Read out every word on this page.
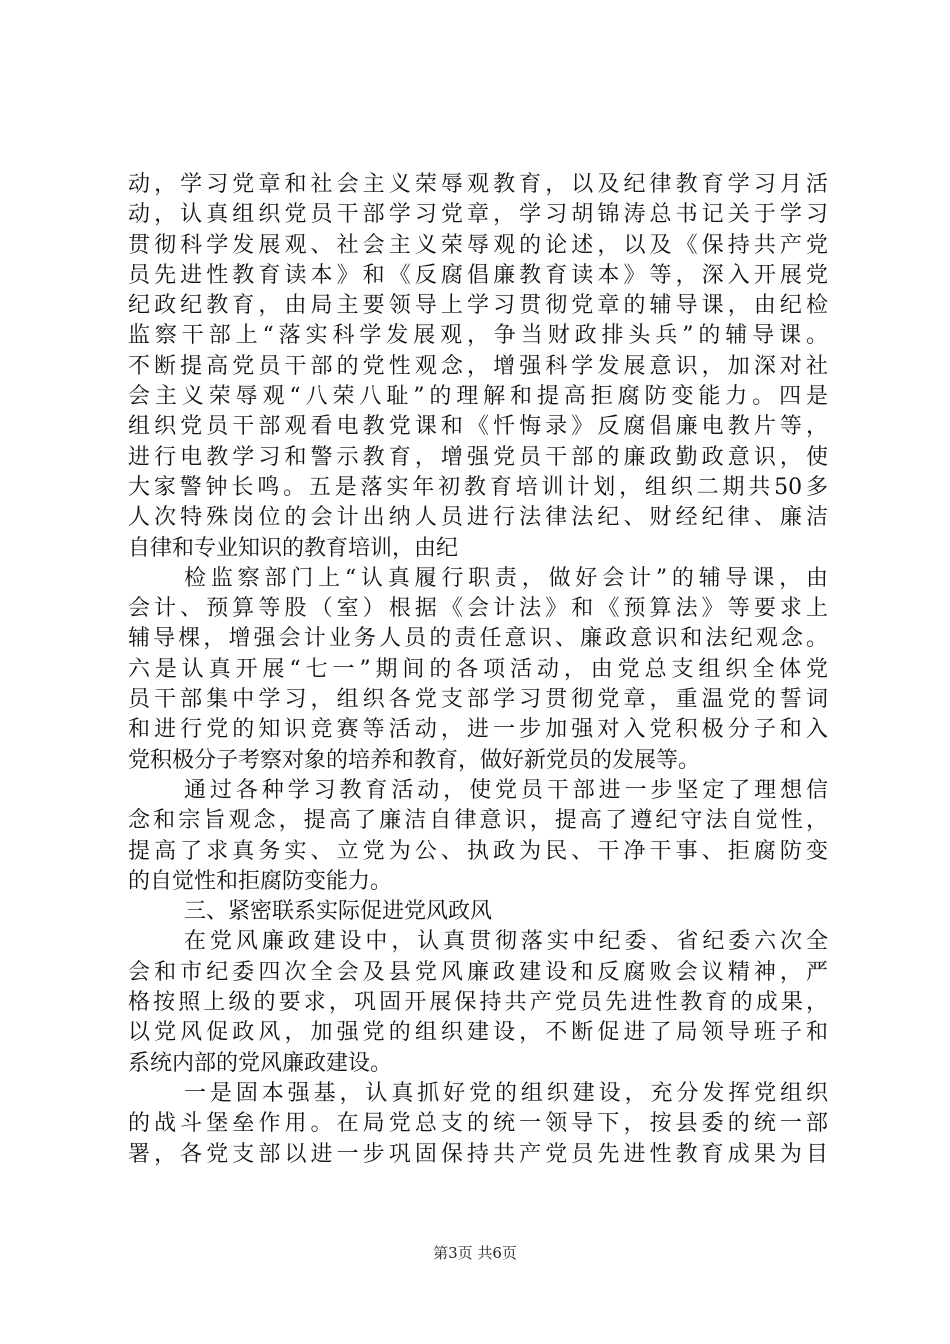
动，学习党章和社会主义荣辱观教育，以及纪律教育学习月活
动，认真组织党员干部学习党章，学习胡锦涛总书记关于学习
贯彻科学发展观、社会主义荣辱观的论述，以及《保持共产党
员先进性教育读本》和《反腐倡廉教育读本》等，深入开展党
纪政纪教育，由局主要领导上学习贯彻党章的辅导课，由纪检
监察干部上“落实科学发展观，争当财政排头兵”的辅导课。
不断提高党员干部的党性观念，增强科学发展意识，加深对社
会主义荣辱观“八荣八耻”的理解和提高拒腐防变能力。四是
组织党员干部观看电教党课和《忏悔录》反腐倡廉电教片等，
进行电教学习和警示教育，增强党员干部的廉政勤政意识，使
大家警钟长鸣。五是落实年初教育培训计划，组织二期共50多
人次特殊岗位的会计出纳人员进行法律法纪、财经纪律、廉洁
自律和专业知识的教育培训，由纪
检监察部门上“认真履行职责，做好会计”的辅导课，由
会计、预算等股（室）根据《会计法》和《预算法》等要求上
辅导棵，增强会计业务人员的责任意识、廉政意识和法纪观念。
六是认真开展“七一”期间的各项活动，由党总支组织全体党
员干部集中学习，组织各党支部学习贯彻党章，重温党的誓词
和进行党的知识竞赛等活动，进一步加强对入党积极分子和入
党积极分子考察对象的培养和教育，做好新党员的发展等。
通过各种学习教育活动，使党员干部进一步坚定了理想信
念和宗旨观念，提高了廉洁自律意识，提高了遵纪守法自觉性，
提高了求真务实、立党为公、执政为民、干净干事、拒腐防变
的自觉性和拒腐防变能力。
三、紧密联系实际促进党风政风
在党风廉政建设中，认真贯彻落实中纪委、省纪委六次全
会和市纪委四次全会及县党风廉政建设和反腐败会议精神，严
格按照上级的要求，巩固开展保持共产党员先进性教育的成果，
以党风促政风，加强党的组织建设，不断促进了局领导班子和
系统内部的党风廉政建设。
一是固本强基，认真抓好党的组织建设，充分发挥党组织
的战斗堡垒作用。在局党总支的统一领导下，按县委的统一部
署，各党支部以进一步巩固保持共产党员先进性教育成果为目
第3页 共6页
